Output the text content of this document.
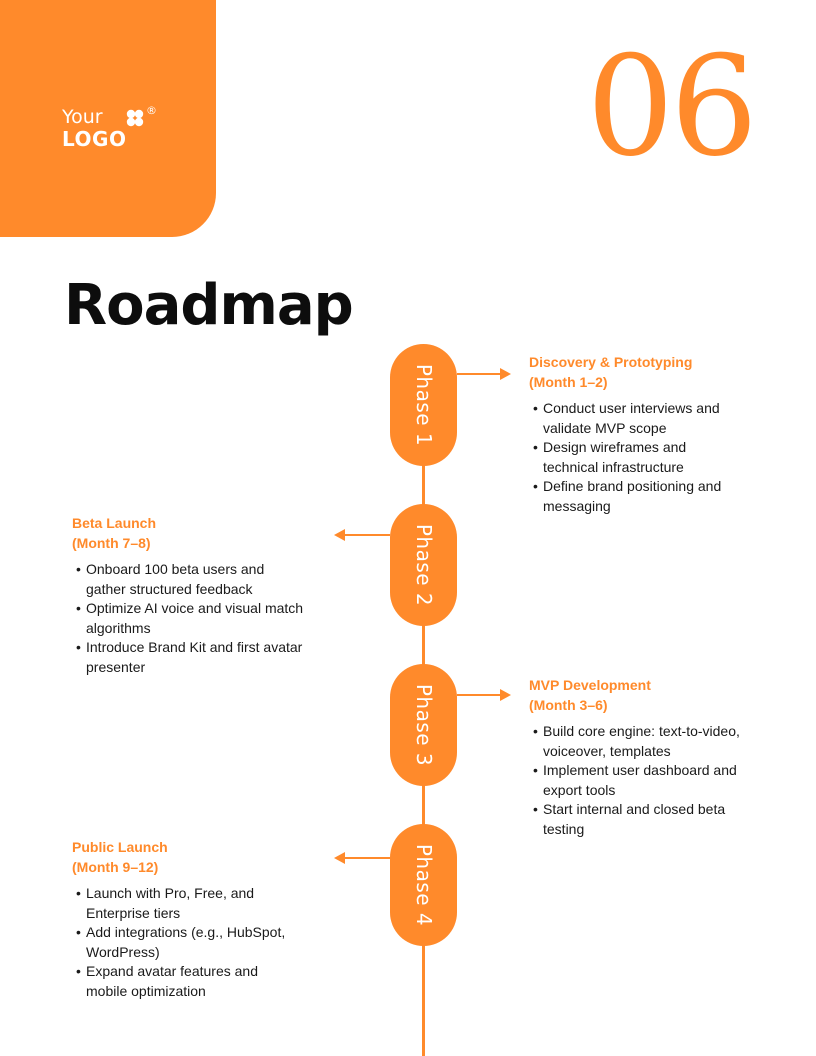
Your
LOGO
®	06
Roadmap
Phase 1
Phase 2
Phase 3
Phase 4
Discovery & Prototyping
(Month 1–2)
• Conduct user interviews and validate MVP scope
• Design wireframes and technical infrastructure
• Define brand positioning and messaging
Beta Launch
(Month 7–8)
• Onboard 100 beta users and gather structured feedback
• Optimize AI voice and visual match algorithms
• Introduce Brand Kit and first avatar presenter
MVP Development
(Month 3–6)
• Build core engine: text-to-video, voiceover, templates
• Implement user dashboard and export tools
• Start internal and closed beta testing
Public Launch
(Month 9–12)
• Launch with Pro, Free, and Enterprise tiers
• Add integrations (e.g., HubSpot, WordPress)
• Expand avatar features and mobile optimization
